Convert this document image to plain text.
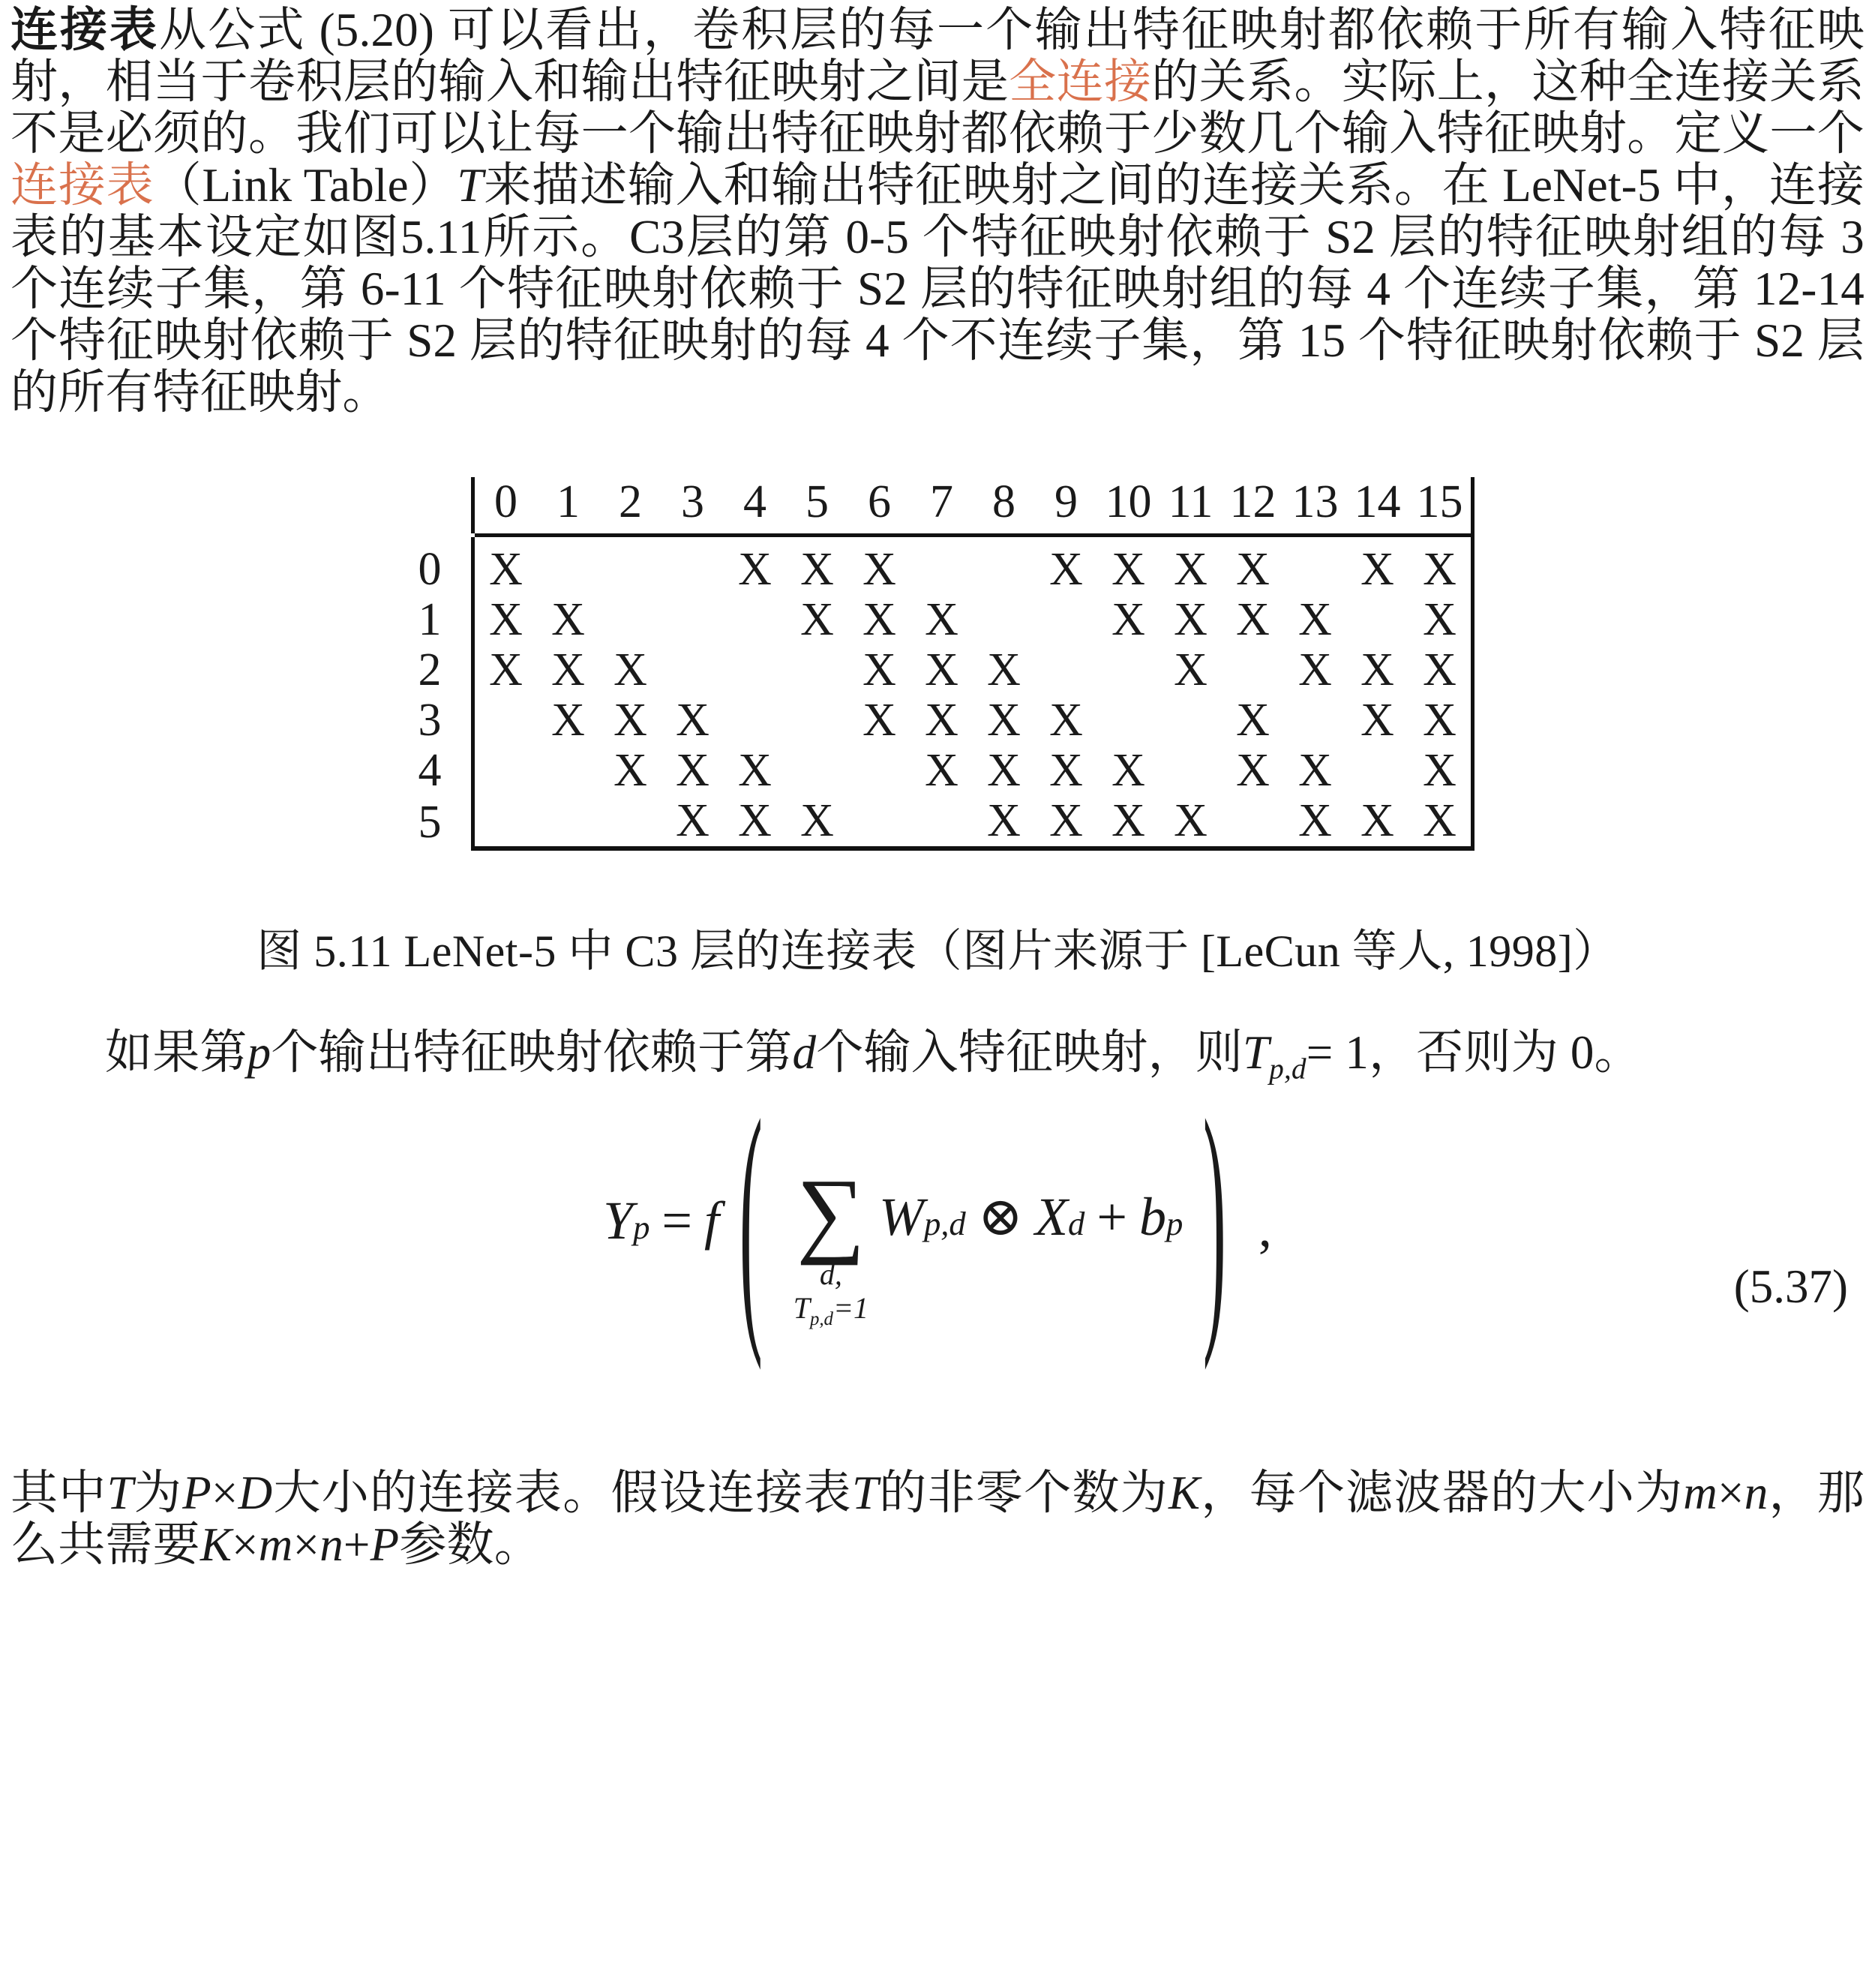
连接表从公式 (5.20) 可以看出，卷积层的每一个输出特征映射都依赖于所有输入特征映射，相当于卷积层的输入和输出特征映射之间是全连接的关系。实际上，这种全连接关系不是必须的。我们可以让每一个输出特征映射都依赖于少数几个输入特征映射。定义一个连接表（Link Table）T来描述输入和输出特征映射之间的连接关系。在 LeNet-5 中，连接表的基本设定如图5.11所示。C3层的第 0-5 个特征映射依赖于 S2 层的特征映射组的每 3 个连续子集，第 6-11 个特征映射依赖于 S2 层的特征映射组的每 4 个连续子集，第 12-14 个特征映射依赖于 S2 层的特征映射的每 4 个不连续子集，第 15 个特征映射依赖于 S2 层的所有特征映射。

	0	1	2	3	4	5	6	7	8	9	10	11	12	13	14	15
0	X				X	X	X			X	X	X	X		X	X
1	X	X				X	X	X			X	X	X	X		X
2	X	X	X				X	X	X			X		X	X	X
3		X	X	X			X	X	X	X			X		X	X
4			X	X	X			X	X	X	X		X	X		X
5				X	X	X			X	X	X	X		X	X	X
图 5.11 LeNet-5 中 C3 层的连接表（图片来源于 [LeCun 等人, 1998]）

如果第p个输出特征映射依赖于第d个输入特征映射，则$T_{p,d}= 1$，否则为 0。

Y p = f ( ∑
d,
$T_{p,d}=1$
W p,d ⊗ X d + b p ) ,
(5.37)

其中T为P×D大小的连接表。假设连接表T的非零个数为K，每个滤波器的大小为m×n，那么共需要K×m×n+P参数。
